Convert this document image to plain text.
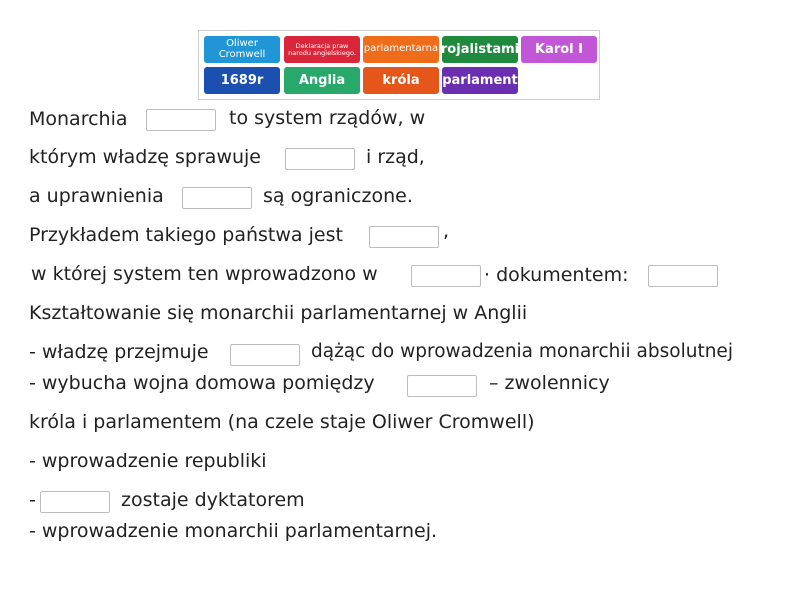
Oliwer Cromwell
Deklaracja praw narodu angielskiego. parlamentarna rojalistami	Karol I
1689r	Anglia	króla	parlament
Monarchia	to system rządów, w
którym władzę sprawuje	i rząd,
a uprawnienia	są ograniczone.
Przykładem takiego państwa jest	,
w której system ten wprowadzono w	· dokumentem:
Kształtowanie się monarchii parlamentarnej w Anglii
- władzę przejmuje	dążąc do wprowadzenia monarchii absolutnej
- wybucha wojna domowa pomiędzy	– zwolennicy
króla i parlamentem (na czele staje Oliwer Cromwell)
- wprowadzenie republiki
-	zostaje dyktatorem
- wprowadzenie monarchii parlamentarnej.
